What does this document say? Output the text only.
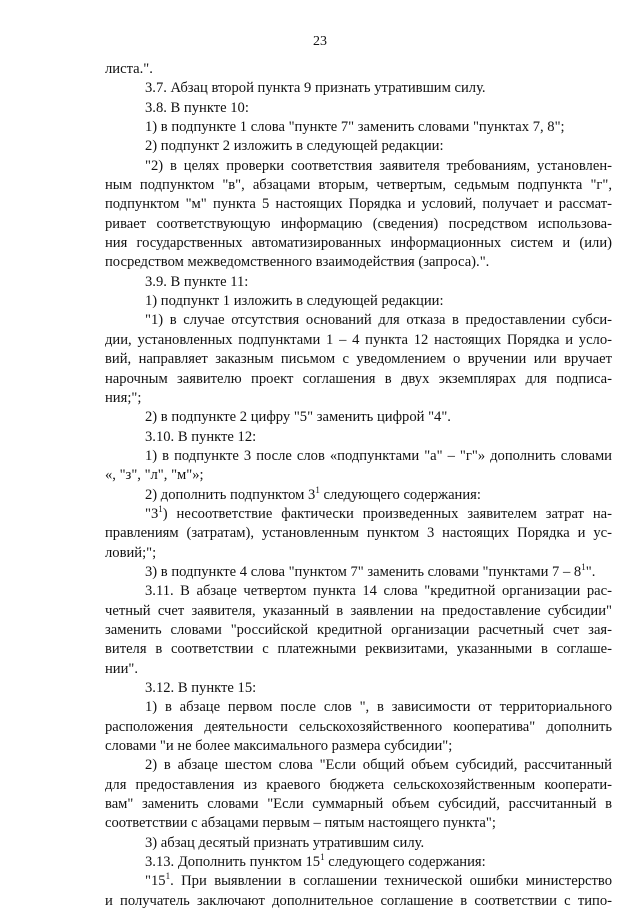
23
листа.".
3.7. Абзац второй пункта 9 признать утратившим силу.
3.8. В пункте 10:
1) в подпункте 1 слова "пункте 7" заменить словами "пунктах 7, 8";
2) подпункт 2 изложить в следующей редакции:
"2) в целях проверки соответствия заявителя требованиям, установлен-
ным подпунктом "в", абзацами вторым, четвертым, седьмым подпункта "г",
подпунктом "м" пункта 5 настоящих Порядка и условий, получает и рассмат-
ривает соответствующую информацию (сведения) посредством использова-
ния государственных автоматизированных информационных систем и (или)
посредством межведомственного взаимодействия (запроса).".
3.9. В пункте 11:
1) подпункт 1 изложить в следующей редакции:
"1) в случае отсутствия оснований для отказа в предоставлении субси-
дии, установленных подпунктами 1 – 4 пункта 12 настоящих Порядка и усло-
вий, направляет заказным письмом с уведомлением о вручении или вручает
нарочным заявителю проект соглашения в двух экземплярах для подписа-
ния;";
2) в подпункте 2 цифру "5" заменить цифрой "4".
3.10. В пункте 12:
1) в подпункте 3 после слов «подпунктами "а" – "г"» дополнить словами
«, "з", "л", "м"»;
2) дополнить подпунктом $3^1$ следующего содержания:
"$3^1$) несоответствие фактически произведенных заявителем затрат на-
правлениям (затратам), установленным пунктом 3 настоящих Порядка и ус-
ловий;";
3) в подпункте 4 слова "пунктом 7" заменить словами "пунктами $7 - 8^1$".
3.11. В абзаце четвертом пункта 14 слова "кредитной организации рас-
четный счет заявителя, указанный в заявлении на предоставление субсидии"
заменить словами "российской кредитной организации расчетный счет зая-
вителя в соответствии с платежными реквизитами, указанными в соглаше-
нии".
3.12. В пункте 15:
1) в абзаце первом после слов ", в зависимости от территориального
расположения деятельности сельскохозяйственного кооператива" дополнить
словами "и не более максимального размера субсидии";
2) в абзаце шестом слова "Если общий объем субсидий, рассчитанный
для предоставления из краевого бюджета сельскохозяйственным кооперати-
вам" заменить словами "Если суммарный объем субсидий, рассчитанный в
соответствии с абзацами первым – пятым настоящего пункта";
3) абзац десятый признать утратившим силу.
3.13. Дополнить пунктом $15^1$ следующего содержания:
"$15^1$. При выявлении в соглашении технической ошибки министерство
и получатель заключают дополнительное соглашение в соответствии с типо-
